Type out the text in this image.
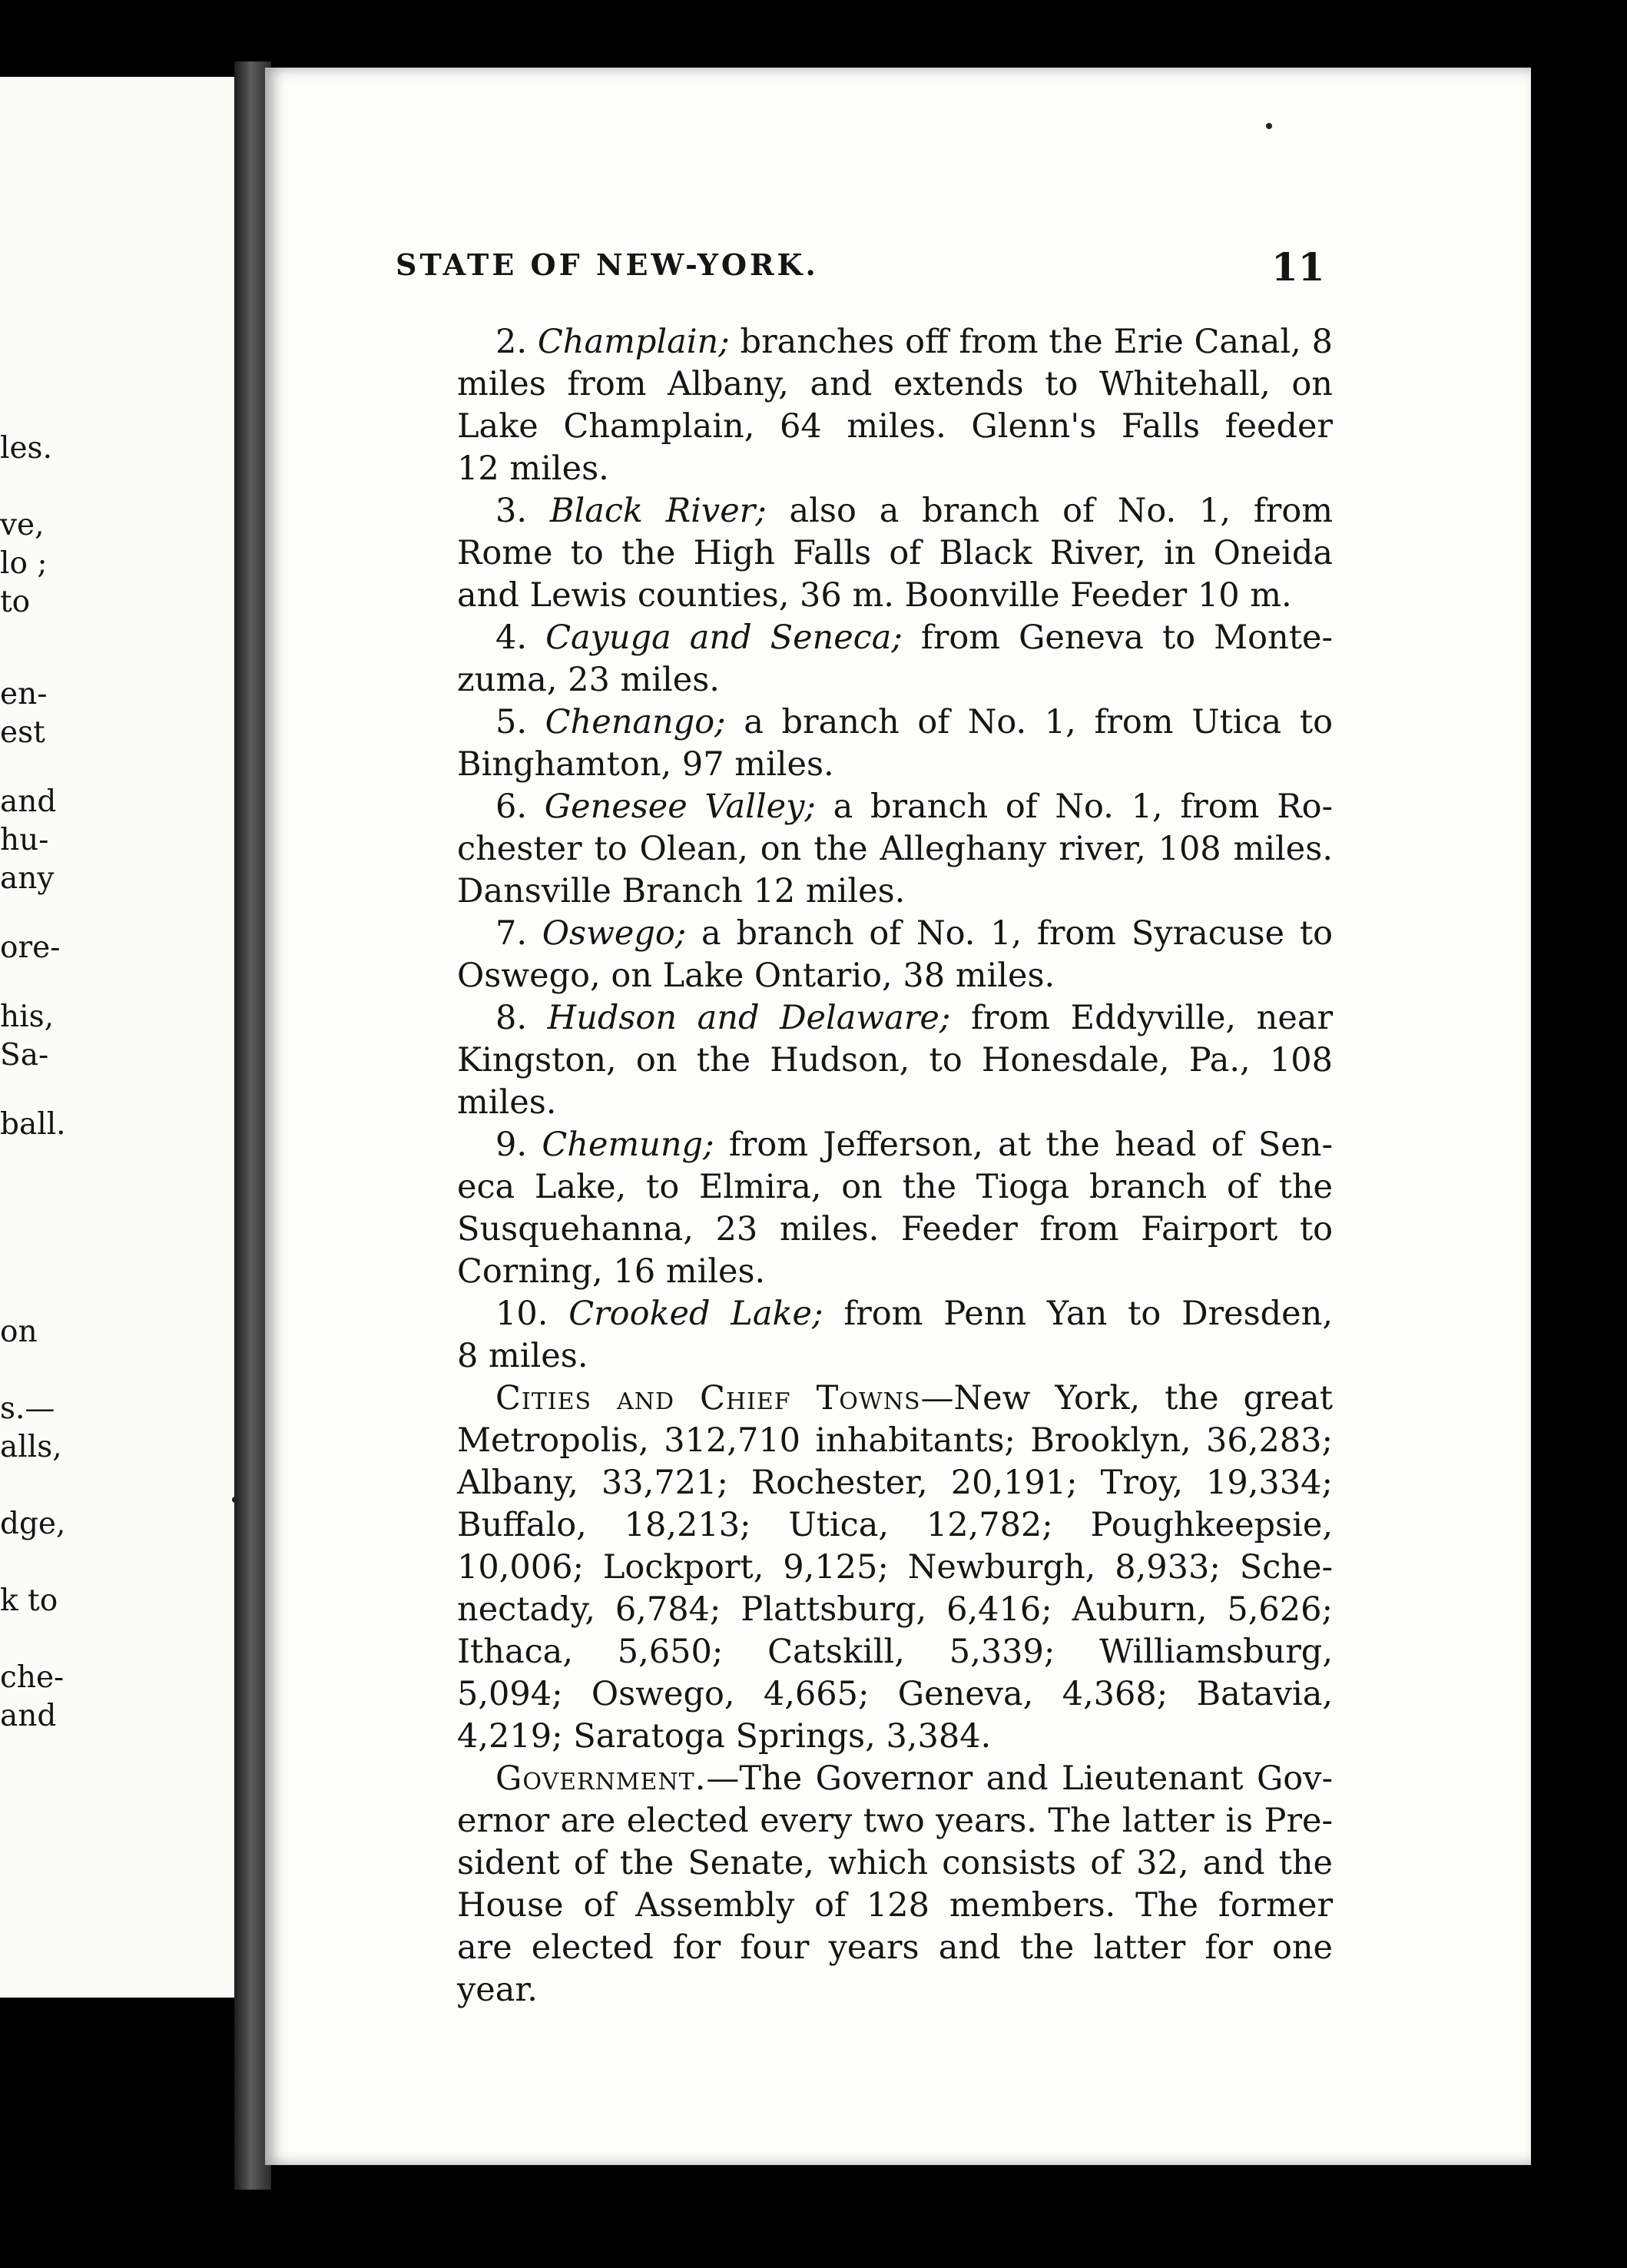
les.
ve,
lo ;
to
en-
est
and
hu-
any
ore-
his,
Sa-
ball.
on
s.—
alls,
dge,
k to
che-
and
STATE OF NEW-YORK.	11
2. Champlain; branches off from the Erie Canal, 8
miles from Albany, and extends to Whitehall, on
Lake Champlain, 64 miles. Glenn's Falls feeder
12 miles.
3. Black River; also a branch of No. 1, from
Rome to the High Falls of Black River, in Oneida
and Lewis counties, 36 m. Boonville Feeder 10 m.
4. Cayuga and Seneca; from Geneva to Monte-
zuma, 23 miles.
5. Chenango; a branch of No. 1, from Utica to
Binghamton, 97 miles.
6. Genesee Valley; a branch of No. 1, from Ro-
chester to Olean, on the Alleghany river, 108 miles.
Dansville Branch 12 miles.
7. Oswego; a branch of No. 1, from Syracuse to
Oswego, on Lake Ontario, 38 miles.
8. Hudson and Delaware; from Eddyville, near
Kingston, on the Hudson, to Honesdale, Pa., 108
miles.
9. Chemung; from Jefferson, at the head of Sen-
eca Lake, to Elmira, on the Tioga branch of the
Susquehanna, 23 miles. Feeder from Fairport to
Corning, 16 miles.
10. Crooked Lake; from Penn Yan to Dresden,
8 miles.
Cities and Chief Towns—New York, the great
Metropolis, 312,710 inhabitants; Brooklyn, 36,283;
Albany, 33,721; Rochester, 20,191; Troy, 19,334;
Buffalo, 18,213; Utica, 12,782; Poughkeepsie,
10,006; Lockport, 9,125; Newburgh, 8,933; Sche-
nectady, 6,784; Plattsburg, 6,416; Auburn, 5,626;
Ithaca, 5,650; Catskill, 5,339; Williamsburg,
5,094; Oswego, 4,665; Geneva, 4,368; Batavia,
4,219; Saratoga Springs, 3,384.
Government.—The Governor and Lieutenant Gov-
ernor are elected every two years. The latter is Pre-
sident of the Senate, which consists of 32, and the
House of Assembly of 128 members. The former
are elected for four years and the latter for one year.
